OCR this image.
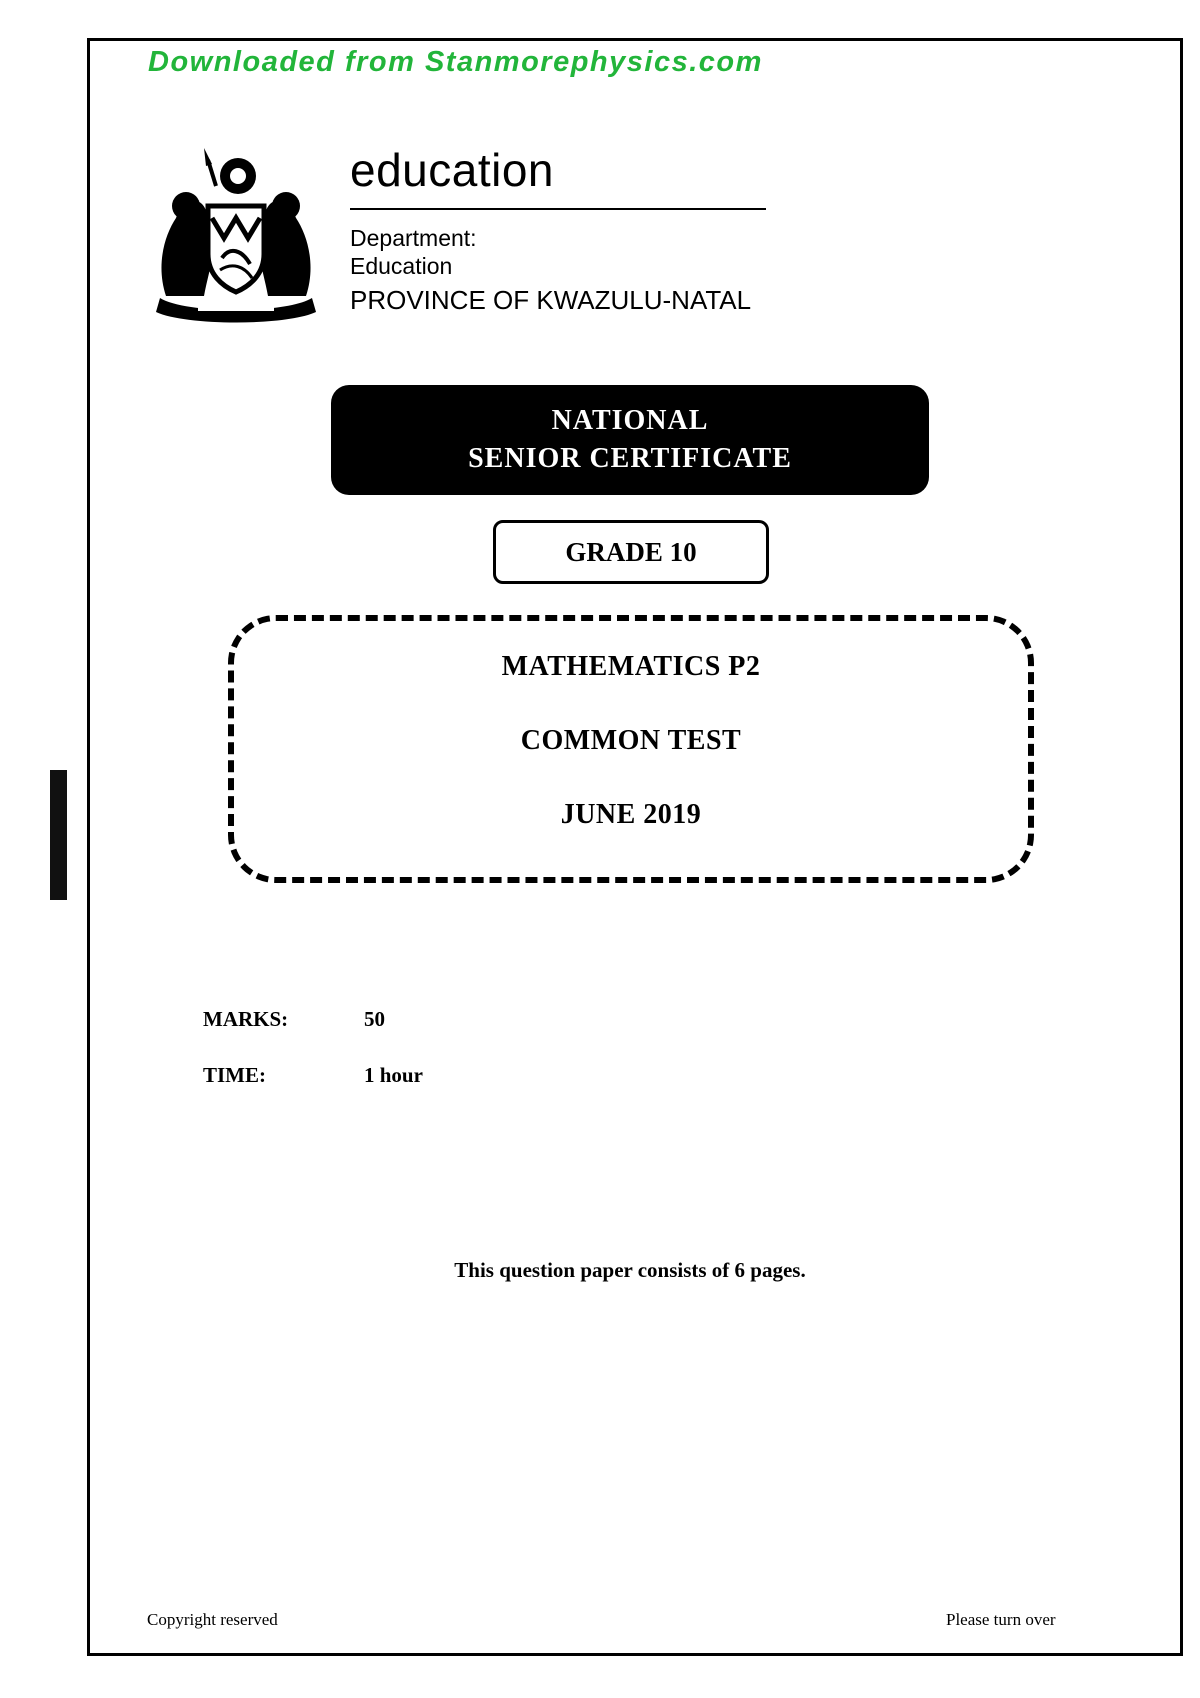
Downloaded from Stanmorephysics.com
education
Department:
Education
PROVINCE OF KWAZULU-NATAL
NATIONAL
SENIOR CERTIFICATE
GRADE 10
MATHEMATICS P2
COMMON TEST
JUNE 2019
MARKS:	50
TIME:	1 hour
This question paper consists of 6 pages.
Copyright reserved	Please turn over
